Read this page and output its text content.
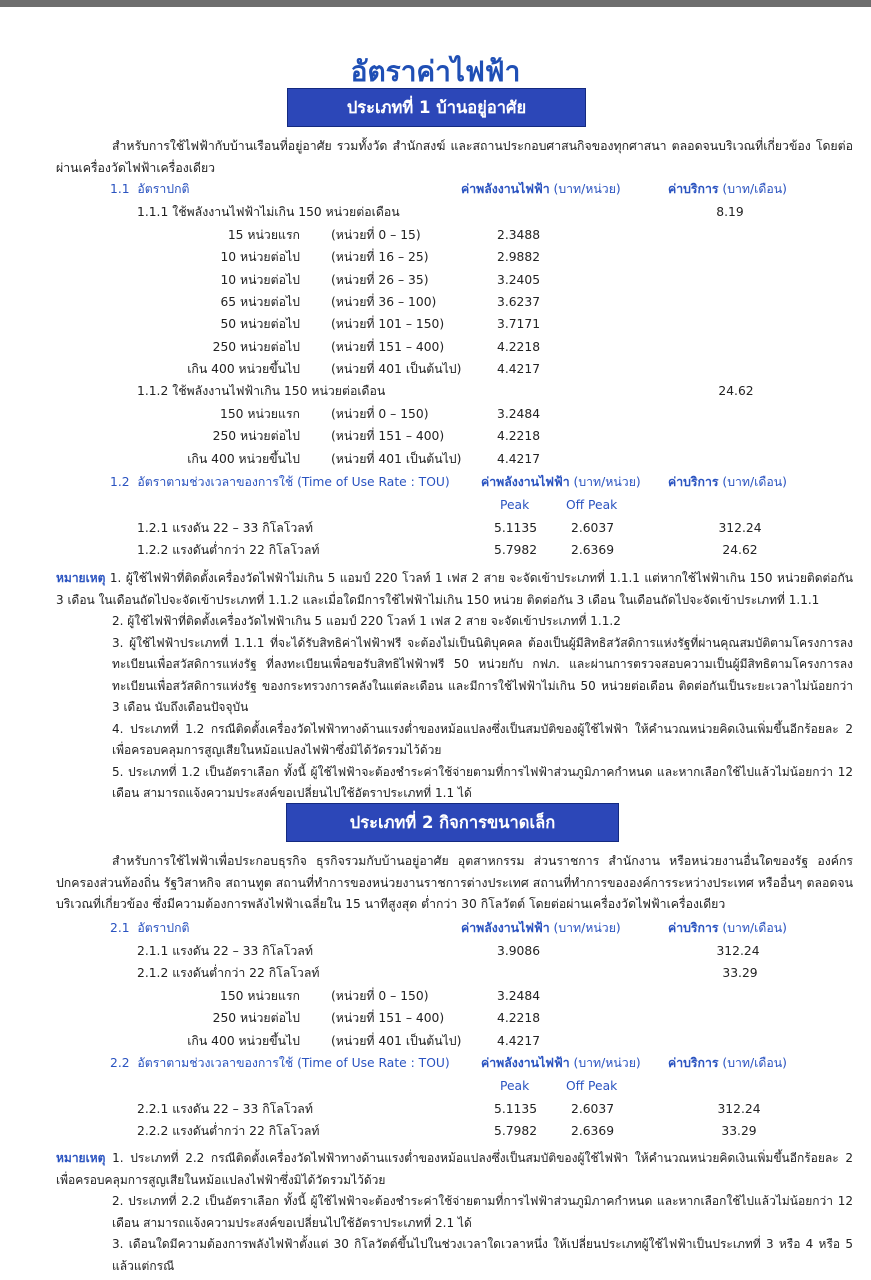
อัตราค่าไฟฟ้า
ประเภทที่ 1 บ้านอยู่อาศัย
สำหรับการใช้ไฟฟ้ากับบ้านเรือนที่อยู่อาศัย รวมทั้งวัด สำนักสงฆ์ และสถานประกอบศาสนกิจของทุกศาสนา ตลอดจนบริเวณที่เกี่ยวข้อง โดยต่อผ่านเครื่องวัดไฟฟ้าเครื่องเดียว
1.1 อัตราปกติ	ค่าพลังงานไฟฟ้า (บาท/หน่วย)	ค่าบริการ (บาท/เดือน)
1.1.1 ใช้พลังงานไฟฟ้าไม่เกิน 150 หน่วยต่อเดือน	8.19
15 หน่วยแรก	(หน่วยที่ 0 – 15)	2.3488
10 หน่วยต่อไป	(หน่วยที่ 16 – 25)	2.9882
10 หน่วยต่อไป	(หน่วยที่ 26 – 35)	3.2405
65 หน่วยต่อไป	(หน่วยที่ 36 – 100)	3.6237
50 หน่วยต่อไป	(หน่วยที่ 101 – 150)	3.7171
250 หน่วยต่อไป	(หน่วยที่ 151 – 400)	4.2218
เกิน 400 หน่วยขึ้นไป	(หน่วยที่ 401 เป็นต้นไป)	4.4217
1.1.2 ใช้พลังงานไฟฟ้าเกิน 150 หน่วยต่อเดือน	24.62
150 หน่วยแรก	(หน่วยที่ 0 – 150)	3.2484
250 หน่วยต่อไป	(หน่วยที่ 151 – 400)	4.2218
เกิน 400 หน่วยขึ้นไป	(หน่วยที่ 401 เป็นต้นไป)	4.4217
1.2 อัตราตามช่วงเวลาของการใช้ (Time of Use Rate : TOU)	ค่าพลังงานไฟฟ้า (บาท/หน่วย) ค่าบริการ (บาท/เดือน)
Peak	Off Peak
1.2.1 แรงดัน 22 – 33 กิโลโวลท์	5.1135	2.6037	312.24
1.2.2 แรงดันต่ำกว่า 22 กิโลโวลท์	5.7982	2.6369	24.62

หมายเหตุ 1. ผู้ใช้ไฟฟ้าที่ติดตั้งเครื่องวัดไฟฟ้าไม่เกิน 5 แอมป์ 220 โวลท์ 1 เฟส 2 สาย จะจัดเข้าประเภทที่ 1.1.1 แต่หากใช้ไฟฟ้าเกิน 150 หน่วยติดต่อกัน 3 เดือน ในเดือนถัดไปจะจัดเข้าประเภทที่ 1.1.2 และเมื่อใดมีการใช้ไฟฟ้าไม่เกิน 150 หน่วย ติดต่อกัน 3 เดือน ในเดือนถัดไปจะจัดเข้าประเภทที่ 1.1.1

2. ผู้ใช้ไฟฟ้าที่ติดตั้งเครื่องวัดไฟฟ้าเกิน 5 แอมป์ 220 โวลท์ 1 เฟส 2 สาย จะจัดเข้าประเภทที่ 1.1.2

3. ผู้ใช้ไฟฟ้าประเภทที่ 1.1.1 ที่จะได้รับสิทธิค่าไฟฟ้าฟรี จะต้องไม่เป็นนิติบุคคล ต้องเป็นผู้มีสิทธิสวัสดิการแห่งรัฐที่ผ่านคุณสมบัติตามโครงการลงทะเบียนเพื่อสวัสดิการแห่งรัฐ ที่ลงทะเบียนเพื่อขอรับสิทธิไฟฟ้าฟรี 50 หน่วยกับ กฟภ. และผ่านการตรวจสอบความเป็นผู้มีสิทธิตามโครงการลงทะเบียนเพื่อสวัสดิการแห่งรัฐ ของกระทรวงการคลังในแต่ละเดือน และมีการใช้ไฟฟ้าไม่เกิน 50 หน่วยต่อเดือน ติดต่อกันเป็นระยะเวลาไม่น้อยกว่า 3 เดือน นับถึงเดือนปัจจุบัน

4. ประเภทที่ 1.2 กรณีติดตั้งเครื่องวัดไฟฟ้าทางด้านแรงต่ำของหม้อแปลงซึ่งเป็นสมบัติของผู้ใช้ไฟฟ้า ให้คำนวณหน่วยคิดเงินเพิ่มขึ้นอีกร้อยละ 2 เพื่อครอบคลุมการสูญเสียในหม้อแปลงไฟฟ้าซึ่งมิได้วัดรวมไว้ด้วย

5. ประเภทที่ 1.2 เป็นอัตราเลือก ทั้งนี้ ผู้ใช้ไฟฟ้าจะต้องชำระค่าใช้จ่ายตามที่การไฟฟ้าส่วนภูมิภาคกำหนด และหากเลือกใช้ไปแล้วไม่น้อยกว่า 12 เดือน สามารถแจ้งความประสงค์ขอเปลี่ยนไปใช้อัตราประเภทที่ 1.1 ได้

ประเภทที่ 2 กิจการขนาดเล็ก
สำหรับการใช้ไฟฟ้าเพื่อประกอบธุรกิจ ธุรกิจรวมกับบ้านอยู่อาศัย อุตสาหกรรม ส่วนราชการ สำนักงาน หรือหน่วยงานอื่นใดของรัฐ องค์กรปกครองส่วนท้องถิ่น รัฐวิสาหกิจ สถานทูต สถานที่ทำการของหน่วยงานราชการต่างประเทศ สถานที่ทำการขององค์การระหว่างประเทศ หรืออื่นๆ ตลอดจนบริเวณที่เกี่ยวข้อง ซึ่งมีความต้องการพลังไฟฟ้าเฉลี่ยใน 15 นาทีสูงสุด ต่ำกว่า 30 กิโลวัตต์ โดยต่อผ่านเครื่องวัดไฟฟ้าเครื่องเดียว
2.1 อัตราปกติ	ค่าพลังงานไฟฟ้า (บาท/หน่วย)	ค่าบริการ (บาท/เดือน)
2.1.1 แรงดัน 22 – 33 กิโลโวลท์	3.9086	312.24
2.1.2 แรงดันต่ำกว่า 22 กิโลโวลท์	33.29
150 หน่วยแรก	(หน่วยที่ 0 – 150)	3.2484
250 หน่วยต่อไป	(หน่วยที่ 151 – 400)	4.2218
เกิน 400 หน่วยขึ้นไป	(หน่วยที่ 401 เป็นต้นไป)	4.4217
2.2 อัตราตามช่วงเวลาของการใช้ (Time of Use Rate : TOU)	ค่าพลังงานไฟฟ้า (บาท/หน่วย) ค่าบริการ (บาท/เดือน)
Peak	Off Peak
2.2.1 แรงดัน 22 – 33 กิโลโวลท์	5.1135	2.6037	312.24
2.2.2 แรงดันต่ำกว่า 22 กิโลโวลท์	5.7982	2.6369	33.29

หมายเหตุ 1. ประเภทที่ 2.2 กรณีติดตั้งเครื่องวัดไฟฟ้าทางด้านแรงต่ำของหม้อแปลงซึ่งเป็นสมบัติของผู้ใช้ไฟฟ้า ให้คำนวณหน่วยคิดเงินเพิ่มขึ้นอีกร้อยละ 2 เพื่อครอบคลุมการสูญเสียในหม้อแปลงไฟฟ้าซึ่งมิได้วัดรวมไว้ด้วย

2. ประเภทที่ 2.2 เป็นอัตราเลือก ทั้งนี้ ผู้ใช้ไฟฟ้าจะต้องชำระค่าใช้จ่ายตามที่การไฟฟ้าส่วนภูมิภาคกำหนด และหากเลือกใช้ไปแล้วไม่น้อยกว่า 12 เดือน สามารถแจ้งความประสงค์ขอเปลี่ยนไปใช้อัตราประเภทที่ 2.1 ได้

3. เดือนใดมีความต้องการพลังไฟฟ้าตั้งแต่ 30 กิโลวัตต์ขึ้นไปในช่วงเวลาใดเวลาหนึ่ง ให้เปลี่ยนประเภทผู้ใช้ไฟฟ้าเป็นประเภทที่ 3 หรือ 4 หรือ 5 แล้วแต่กรณี
